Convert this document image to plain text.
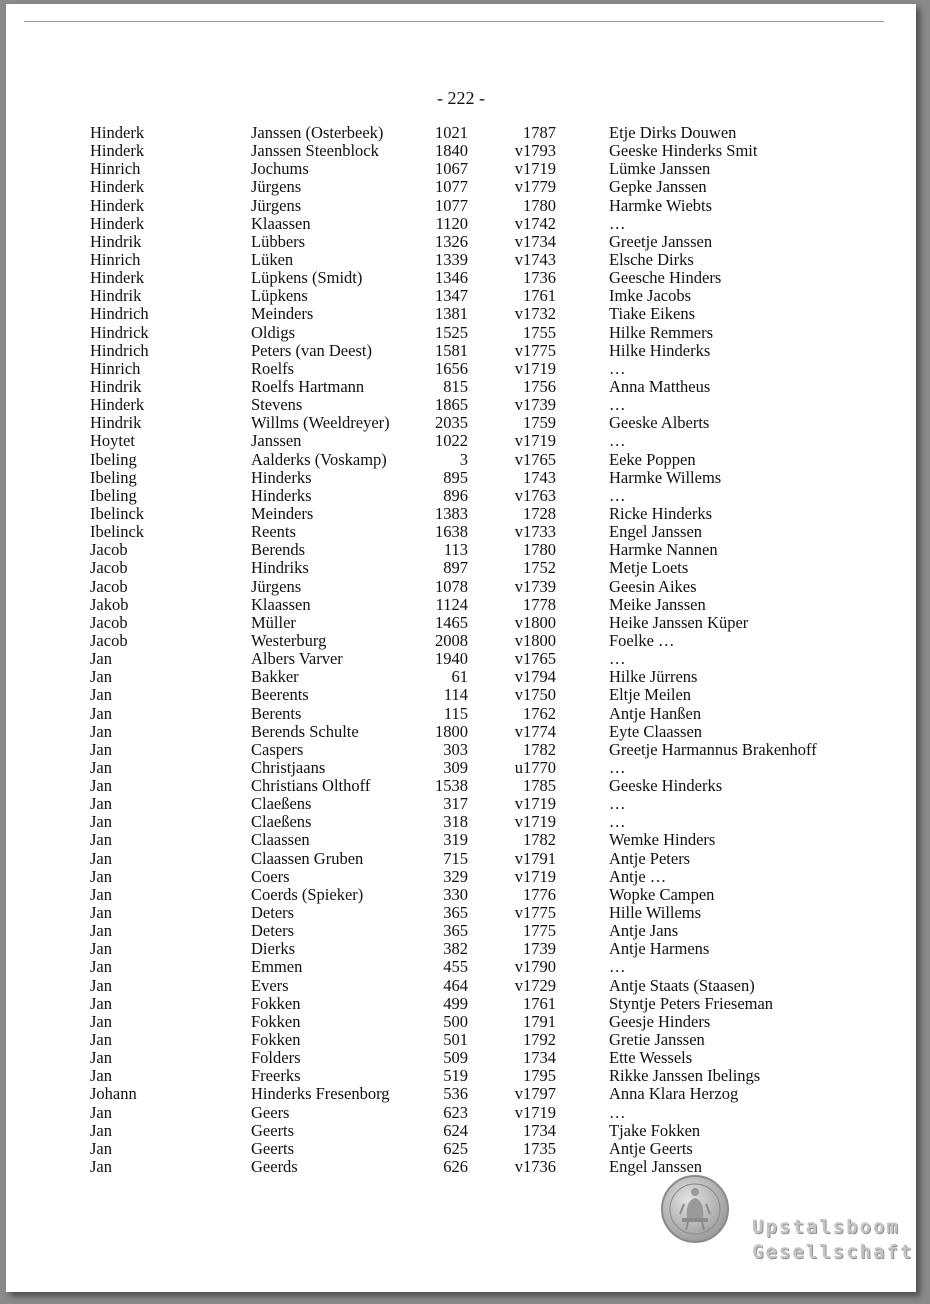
- 222 -
Hinderk	Janssen (Osterbeek)	1021	1787	Etje Dirks Douwen
Hinderk	Janssen Steenblock	1840	v1793	Geeske Hinderks Smit
Hinrich	Jochums	1067	v1719	Lümke Janssen
Hinderk	Jürgens	1077	v1779	Gepke Janssen
Hinderk	Jürgens	1077	1780	Harmke Wiebts
Hinderk	Klaassen	1120	v1742	…
Hindrik	Lübbers	1326	v1734	Greetje Janssen
Hinrich	Lüken	1339	v1743	Elsche Dirks
Hinderk	Lüpkens (Smidt)	1346	1736	Geesche Hinders
Hindrik	Lüpkens	1347	1761	Imke Jacobs
Hindrich	Meinders	1381	v1732	Tiake Eikens
Hindrick	Oldigs	1525	1755	Hilke Remmers
Hindrich	Peters (van Deest)	1581	v1775	Hilke Hinderks
Hinrich	Roelfs	1656	v1719	…
Hindrik	Roelfs Hartmann	815	1756	Anna Mattheus
Hinderk	Stevens	1865	v1739	…
Hindrik	Willms (Weeldreyer)	2035	1759	Geeske Alberts
Hoytet	Janssen	1022	v1719	…
Ibeling	Aalderks (Voskamp)	3	v1765	Eeke Poppen
Ibeling	Hinderks	895	1743	Harmke Willems
Ibeling	Hinderks	896	v1763	…
Ibelinck	Meinders	1383	1728	Ricke Hinderks
Ibelinck	Reents	1638	v1733	Engel Janssen
Jacob	Berends	113	1780	Harmke Nannen
Jacob	Hindriks	897	1752	Metje Loets
Jacob	Jürgens	1078	v1739	Geesin Aikes
Jakob	Klaassen	1124	1778	Meike Janssen
Jacob	Müller	1465	v1800	Heike Janssen Küper
Jacob	Westerburg	2008	v1800	Foelke …
Jan	Albers Varver	1940	v1765	…
Jan	Bakker	61	v1794	Hilke Jürrens
Jan	Beerents	114	v1750	Eltje Meilen
Jan	Berents	115	1762	Antje Hanßen
Jan	Berends Schulte	1800	v1774	Eyte Claassen
Jan	Caspers	303	1782	Greetje Harmannus Brakenhoff
Jan	Christjaans	309	u1770	…
Jan	Christians Olthoff	1538	1785	Geeske Hinderks
Jan	Claeßens	317	v1719	…
Jan	Claeßens	318	v1719	…
Jan	Claassen	319	1782	Wemke Hinders
Jan	Claassen Gruben	715	v1791	Antje Peters
Jan	Coers	329	v1719	Antje …
Jan	Coerds (Spieker)	330	1776	Wopke Campen
Jan	Deters	365	v1775	Hille Willems
Jan	Deters	365	1775	Antje Jans
Jan	Dierks	382	1739	Antje Harmens
Jan	Emmen	455	v1790	…
Jan	Evers	464	v1729	Antje Staats (Staasen)
Jan	Fokken	499	1761	Styntje Peters Frieseman
Jan	Fokken	500	1791	Geesje Hinders
Jan	Fokken	501	1792	Gretie Janssen
Jan	Folders	509	1734	Ette Wessels
Jan	Freerks	519	1795	Rikke Janssen Ibelings
Johann	Hinderks Fresenborg	536	v1797	Anna Klara Herzog
Jan	Geers	623	v1719	…
Jan	Geerts	624	1734	Tjake Fokken
Jan	Geerts	625	1735	Antje Geerts
Jan	Geerds	626	v1736	Engel Janssen
Upstalsboom
Gesellschaft
